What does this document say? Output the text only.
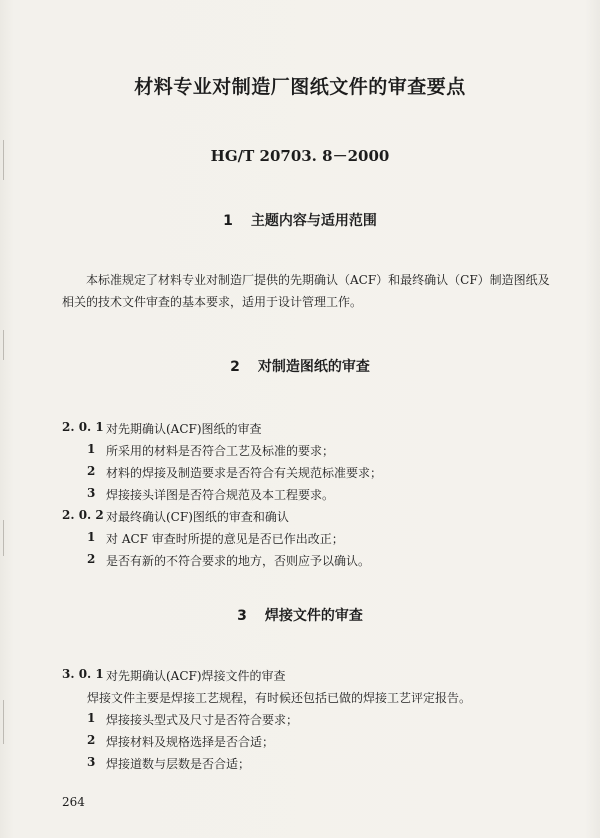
材料专业对制造厂图纸文件的审查要点
HG/T 20703. 8－2000
1 主题内容与适用范围
本标准规定了材料专业对制造厂提供的先期确认（ACF）和最终确认（CF）制造图纸及
相关的技术文件审查的基本要求，适用于设计管理工作。
2 对制造图纸的审查
2. 0. 1 对先期确认(ACF)图纸的审查
1 所采用的材料是否符合工艺及标准的要求；
2 材料的焊接及制造要求是否符合有关规范标准要求；
3 焊接接头详图是否符合规范及本工程要求。
2. 0. 2 对最终确认(CF)图纸的审查和确认
1 对 ACF 审查时所提的意见是否已作出改正；
2 是否有新的不符合要求的地方，否则应予以确认。
3 焊接文件的审查
3. 0. 1 对先期确认(ACF)焊接文件的审查
焊接文件主要是焊接工艺规程，有时候还包括已做的焊接工艺评定报告。
1 焊接接头型式及尺寸是否符合要求；
2 焊接材料及规格选择是否合适；
3 焊接道数与层数是否合适；
264
